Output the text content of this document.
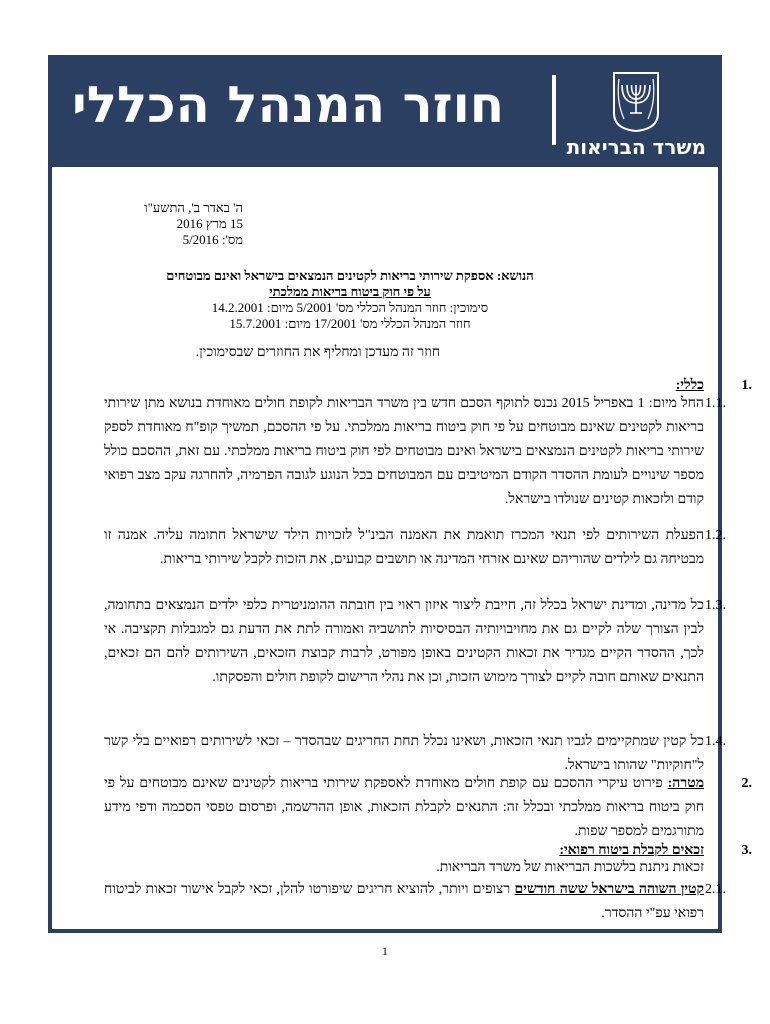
חוזר המנהל הכללי
משרד הבריאות
ה' באדר ב', התשע"ו
15 מרץ 2016
מס': 5/2016
הנושא: אספקת שירותי בריאות לקטינים הנמצאים בישראל ואינם מבוטחים
על פי חוק ביטוח בריאות ממלכתי
סימוכין: חוזר המנהל הכללי מס' 5/2001 מיום: 14.2.2001
חוזר המנהל הכללי מס' 17/2001 מיום: 15.7.2001
חוזר זה מעדכן ומחליף את החוזרים שבסימוכין.
1.
כללי:
1.1.
החל מיום: 1 באפריל 2015 נכנס לתוקף הסכם חדש בין משרד הבריאות לקופת חולים מאוחדת בנושא מתן שירותי בריאות לקטינים שאינם מבוטחים על פי חוק ביטוח בריאות ממלכתי. על פי ההסכם, תמשיך קופ"ח מאוחדת לספק שירותי בריאות לקטינים הנמצאים בישראל ואינם מבוטחים לפי חוק ביטוח בריאות ממלכתי. עם זאת, ההסכם כולל מספר שינויים לעומת ההסדר הקודם המיטיבים עם המבוטחים בכל הנוגע לגובה הפרמיה, להחרגה עקב מצב רפואי קודם ולזכאות קטינים שנולדו בישראל.
1.2.
הפעלת השירותים לפי תנאי המכרז תואמת את האמנה הבינ"ל לזכויות הילד שישראל חתומה עליה. אמנה זו מבטיחה גם לילדים שהוריהם שאינם אזרחי המדינה או תושבים קבועים, את הזכות לקבל שירותי בריאות.
1.3.
כל מדינה, ומדינת ישראל בכלל זה, חייבת ליצור איזון ראוי בין חובתה ההומניטרית כלפי ילדים הנמצאים בתחומה, לבין הצורך שלה לקיים גם את מחויבויותיה הבסיסיות לתושביה ואמורה לתת את הדעת גם למגבלות תקציבה. אי לכך, ההסדר הקיים מגדיר את זכאות הקטינים באופן מפורט, לרבות קבוצת הזכאים, השירותים להם הם זכאים, התנאים שאותם חובה לקיים לצורך מימוש הזכות, וכן את נהלי הרישום לקופת חולים והפסקתו.
1.4.
כל קטין שמתקיימים לגביו תנאי הזכאות, ושאינו נכלל תחת החריגים שבהסדר – זכאי לשירותים רפואיים בלי קשר ל"חוקיות" שהותו בישראל.
2.
מטרה: פירוט עיקרי ההסכם עם קופת חולים מאוחדת לאספקת שירותי בריאות לקטינים שאינם מבוטחים על פי חוק ביטוח בריאות ממלכתי ובכלל זה: התנאים לקבלת הזכאות, אופן ההרשמה, ופרסום טפסי הסכמה ודפי מידע מתורגמים למספר שפות.
3.
זכאים לקבלת ביטוח רפואי:
זכאות ניתנת בלשכות הבריאות של משרד הבריאות.
2.1.
קטין השוהה בישראל ששה חודשים רצופים ויותר, להוציא חריגים שיפורטו להלן, זכאי לקבל אישור זכאות לביטוח רפואי עפ"י ההסדר.
1
